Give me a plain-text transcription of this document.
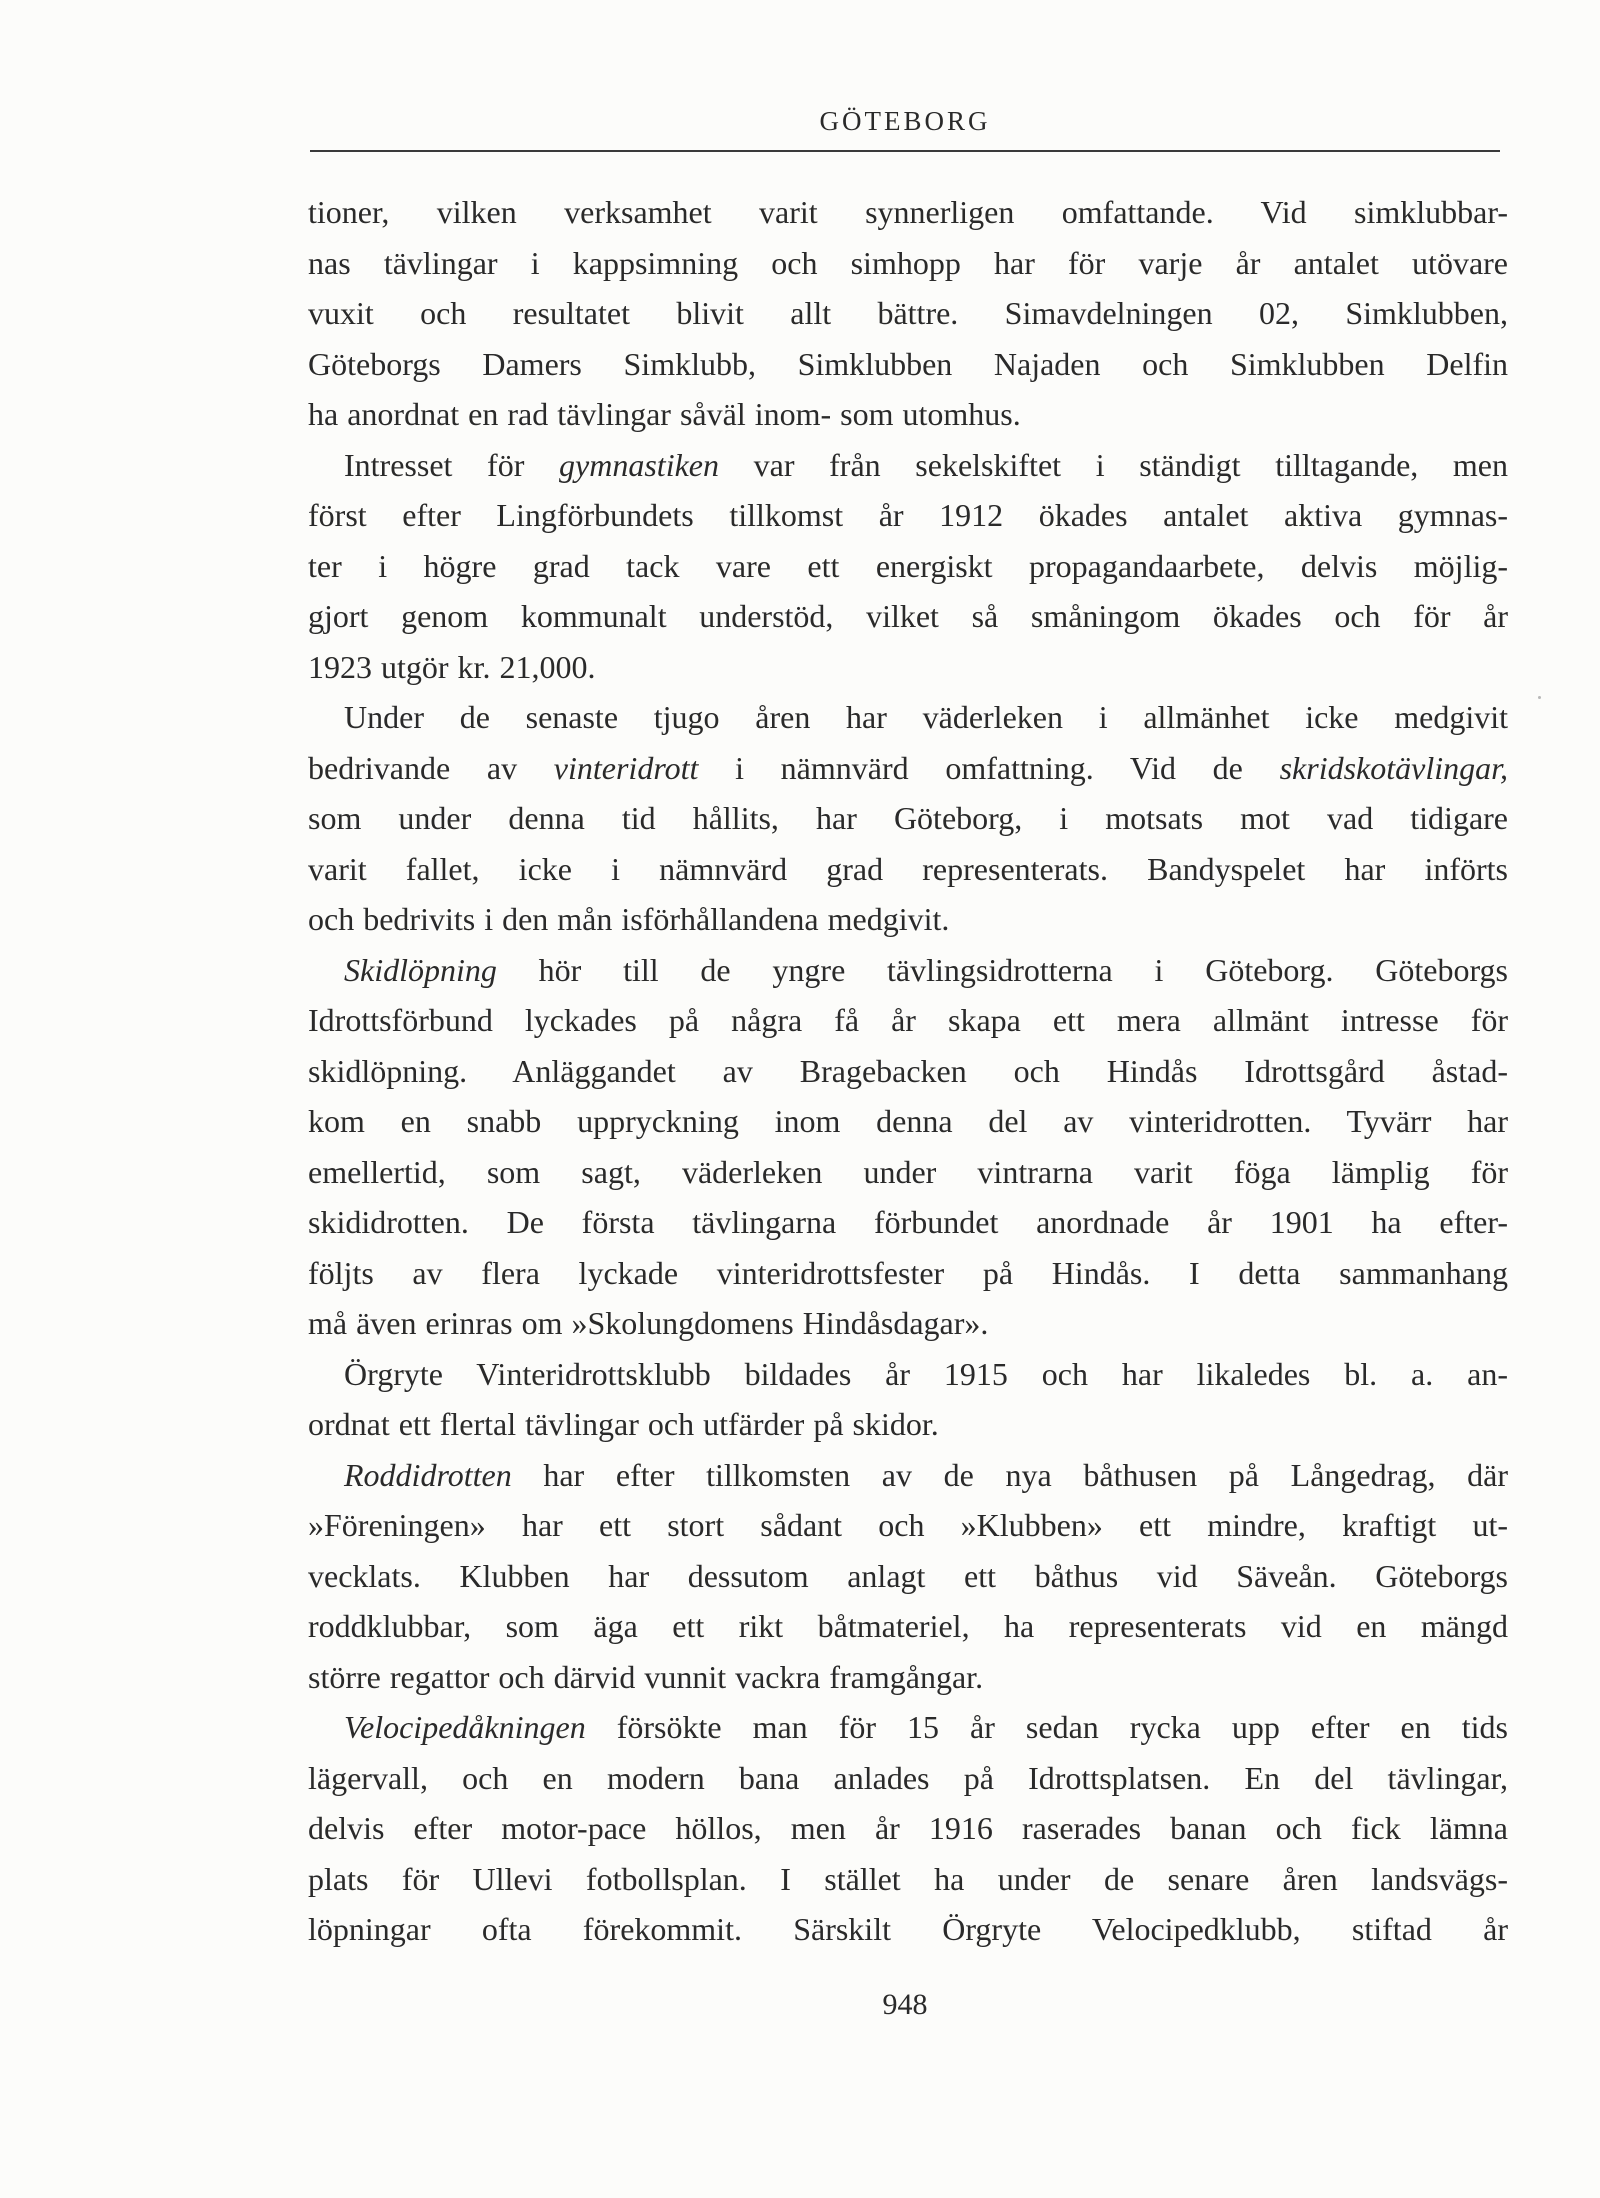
GÖTEBORG

tioner, vilken verksamhet varit synnerligen omfattande. Vid simklubbar-

nas tävlingar i kappsimning och simhopp har för varje år antalet utövare

vuxit och resultatet blivit allt bättre. Simavdelningen 02, Simklubben,

Göteborgs Damers Simklubb, Simklubben Najaden och Simklubben Delfin

ha anordnat en rad tävlingar såväl inom- som utomhus.

Intresset för gymnastiken var från sekelskiftet i ständigt tilltagande, men

först efter Lingförbundets tillkomst år 1912 ökades antalet aktiva gymnas-

ter i högre grad tack vare ett energiskt propagandaarbete, delvis möjlig-

gjort genom kommunalt understöd, vilket så småningom ökades och för år

1923 utgör kr. 21,000.

Under de senaste tjugo åren har väderleken i allmänhet icke medgivit

bedrivande av vinteridrott i nämnvärd omfattning. Vid de skridskotävlingar,

som under denna tid hållits, har Göteborg, i motsats mot vad tidigare

varit fallet, icke i nämnvärd grad representerats. Bandyspelet har införts

och bedrivits i den mån isförhållandena medgivit.

Skidlöpning hör till de yngre tävlingsidrotterna i Göteborg. Göteborgs

Idrottsförbund lyckades på några få år skapa ett mera allmänt intresse för

skidlöpning. Anläggandet av Bragebacken och Hindås Idrottsgård åstad-

kom en snabb uppryckning inom denna del av vinteridrotten. Tyvärr har

emellertid, som sagt, väderleken under vintrarna varit föga lämplig för

skididrotten. De första tävlingarna förbundet anordnade år 1901 ha efter-

följts av flera lyckade vinteridrottsfester på Hindås. I detta sammanhang

må även erinras om »Skolungdomens Hindåsdagar».

Örgryte Vinteridrottsklubb bildades år 1915 och har likaledes bl. a. an-

ordnat ett flertal tävlingar och utfärder på skidor.

Roddidrotten har efter tillkomsten av de nya båthusen på Långedrag, där

»Föreningen» har ett stort sådant och »Klubben» ett mindre, kraftigt ut-

vecklats. Klubben har dessutom anlagt ett båthus vid Säveån. Göteborgs

roddklubbar, som äga ett rikt båtmateriel, ha representerats vid en mängd

större regattor och därvid vunnit vackra framgångar.

Velocipedåkningen försökte man för 15 år sedan rycka upp efter en tids

lägervall, och en modern bana anlades på Idrottsplatsen. En del tävlingar,

delvis efter motor-pace höllos, men år 1916 raserades banan och fick lämna

plats för Ullevi fotbollsplan. I stället ha under de senare åren landsvägs-

löpningar ofta förekommit. Särskilt Örgryte Velocipedklubb, stiftad år

948
